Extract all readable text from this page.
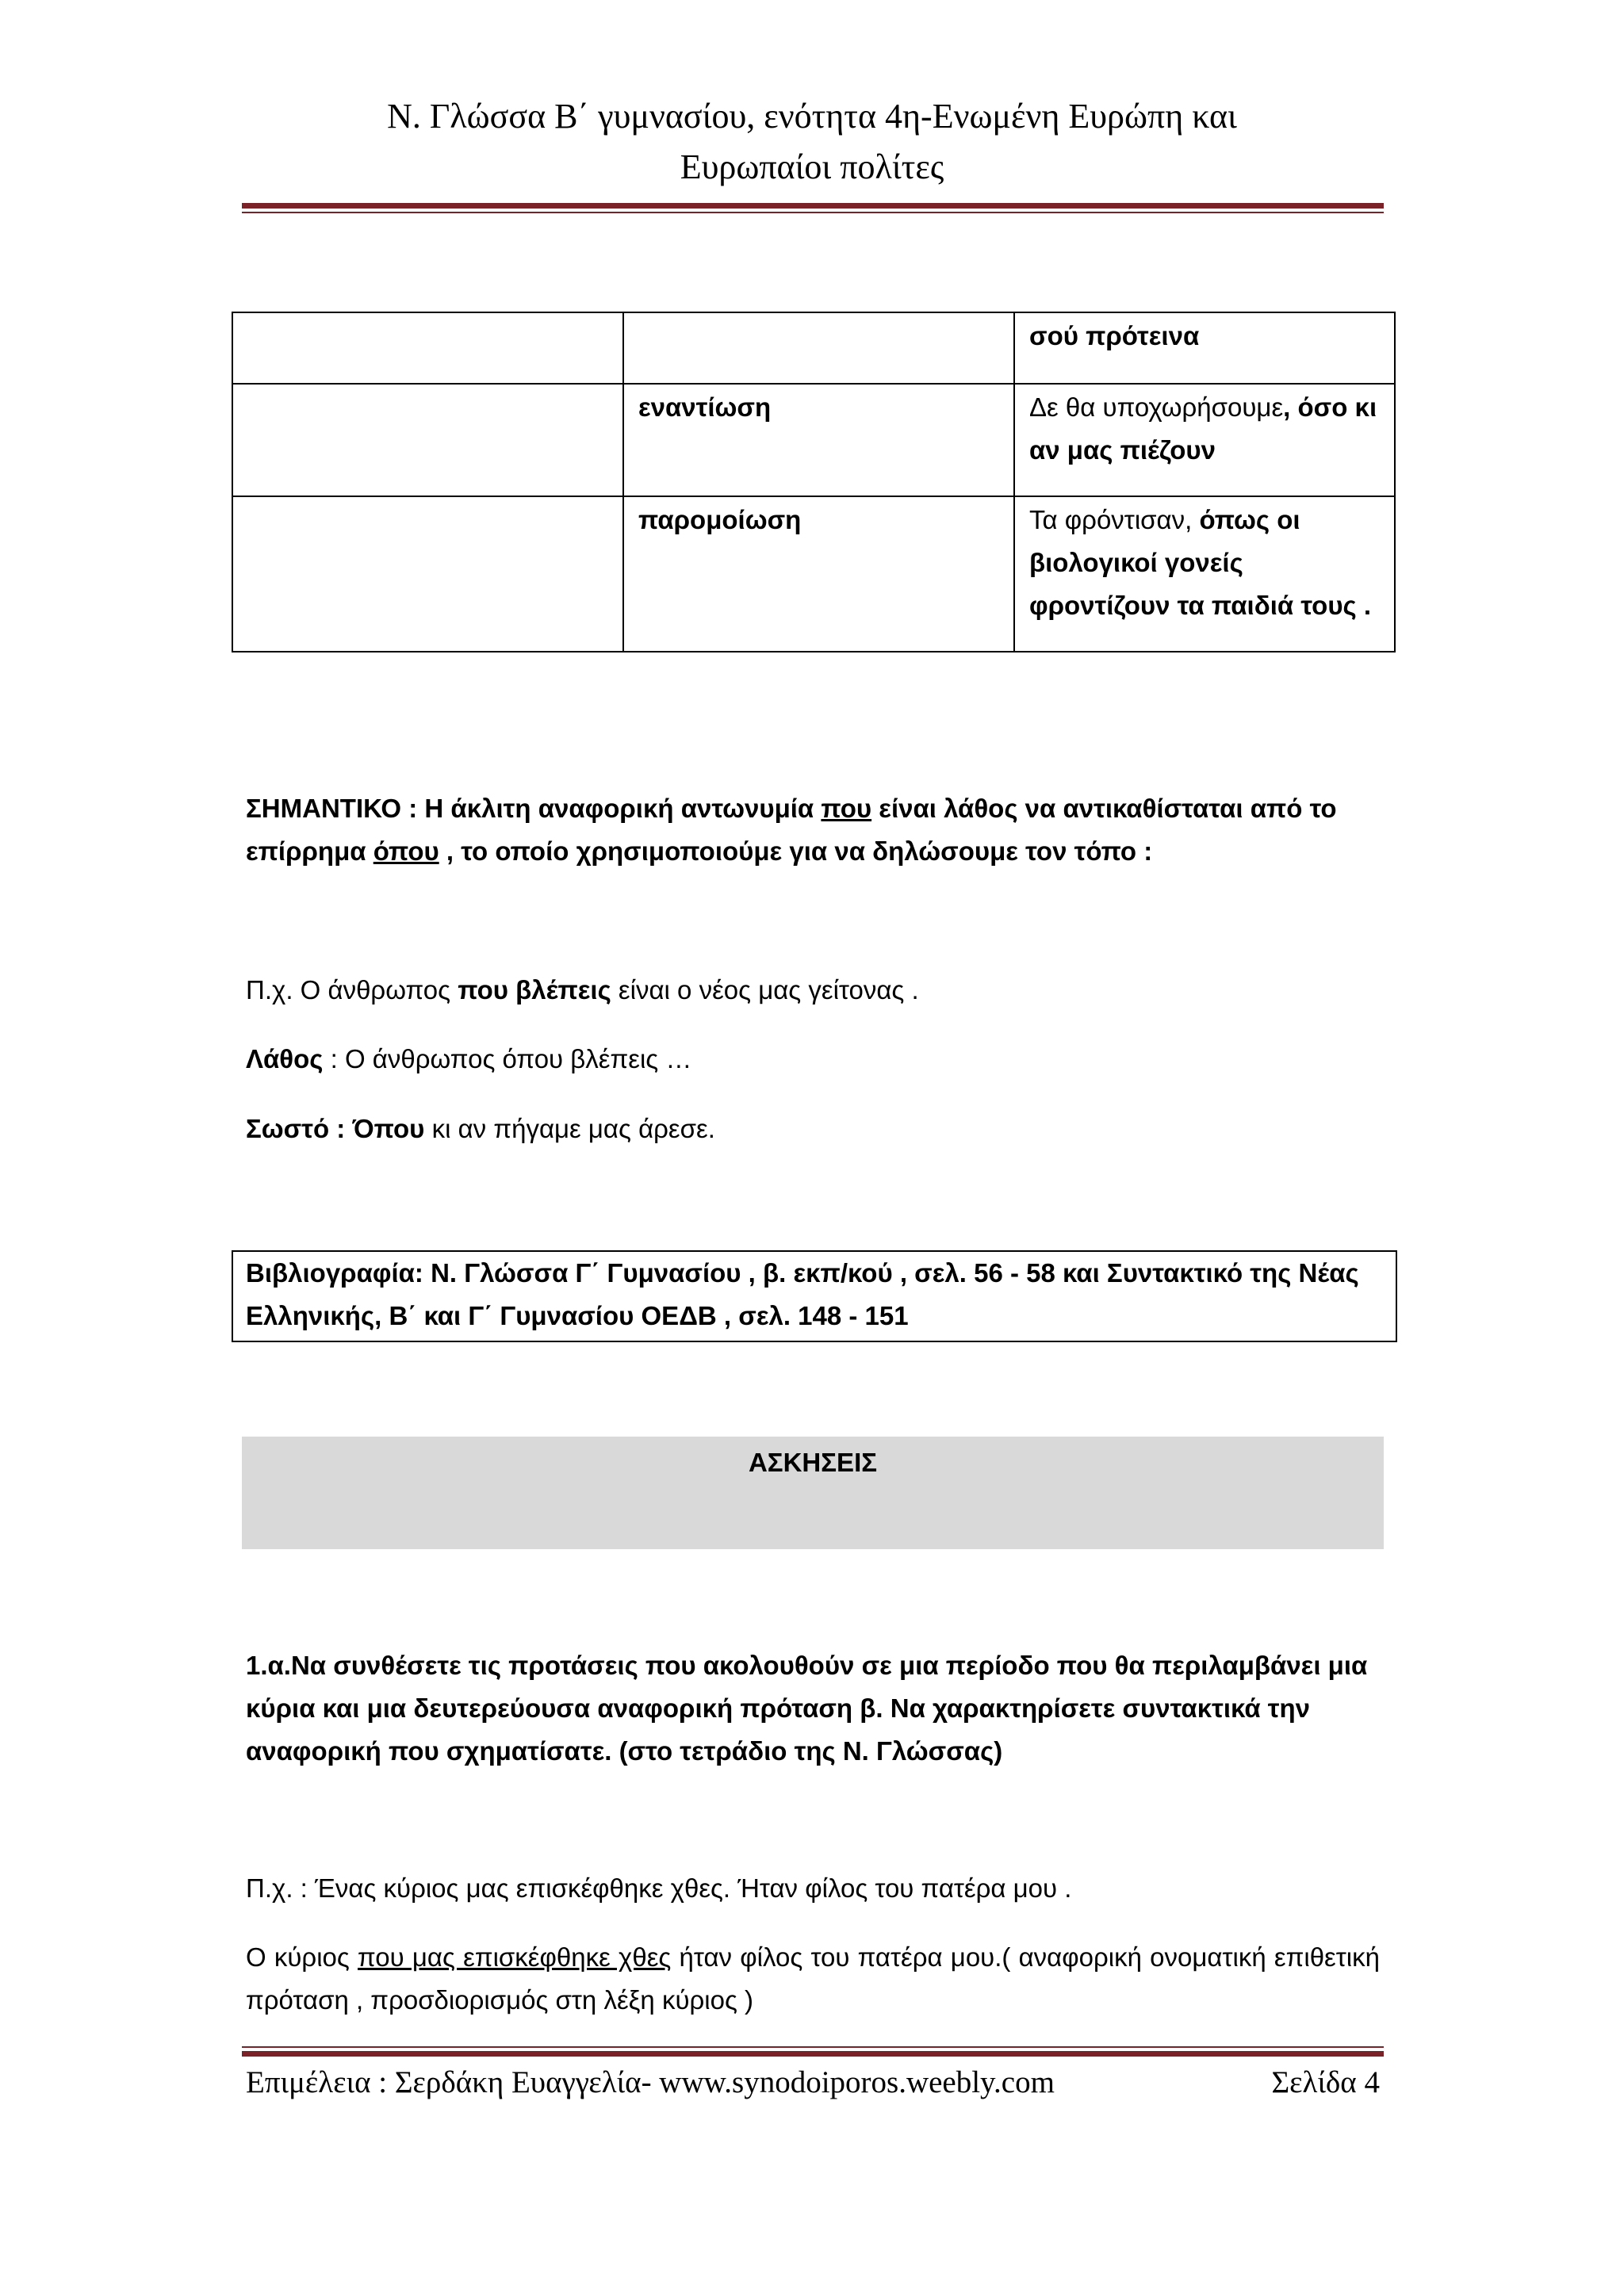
Ν. Γλώσσα Β΄ γυμνασίου, ενότητα 4η-Ενωμένη Ευρώπη και
Ευρωπαίοι πολίτες
		σού πρότεινα
	εναντίωση	Δε θα υποχωρήσουμε, όσο κι αν μας πιέζουν
	παρομοίωση	Τα φρόντισαν, όπως οι βιολογικοί γονείς φροντίζουν τα παιδιά τους .
ΣΗΜΑΝΤΙΚΟ : Η άκλιτη αναφορική αντωνυμία που είναι λάθος να αντικαθίσταται από το επίρρημα όπου , το οποίο χρησιμοποιούμε για να δηλώσουμε τον τόπο :
Π.χ. Ο άνθρωπος που βλέπεις είναι ο νέος μας γείτονας .
Λάθος : Ο άνθρωπος όπου βλέπεις …
Σωστό : Όπου κι αν πήγαμε μας άρεσε.
Βιβλιογραφία: Ν. Γλώσσα Γ΄ Γυμνασίου , β. εκπ/κού , σελ. 56 - 58 και Συντακτικό της Νέας Ελληνικής, Β΄ και Γ΄ Γυμνασίου ΟΕΔΒ , σελ. 148 - 151
ΑΣΚΗΣΕΙΣ
1.α.Να συνθέσετε τις προτάσεις που ακολουθούν σε μια περίοδο που θα περιλαμβάνει μια κύρια και μια δευτερεύουσα αναφορική πρόταση β. Να χαρακτηρίσετε συντακτικά την αναφορική που σχηματίσατε. (στο τετράδιο της Ν. Γλώσσας)
Π.χ. : Ένας κύριος μας επισκέφθηκε χθες. Ήταν φίλος του πατέρα μου .
Ο κύριος που μας επισκέφθηκε χθες ήταν φίλος του πατέρα μου.( αναφορική ονοματική επιθετική πρόταση , προσδιορισμός στη λέξη κύριος )
Επιμέλεια : Σερδάκη Ευαγγελία- www.synodoiporos.weebly.com	Σελίδα 4
